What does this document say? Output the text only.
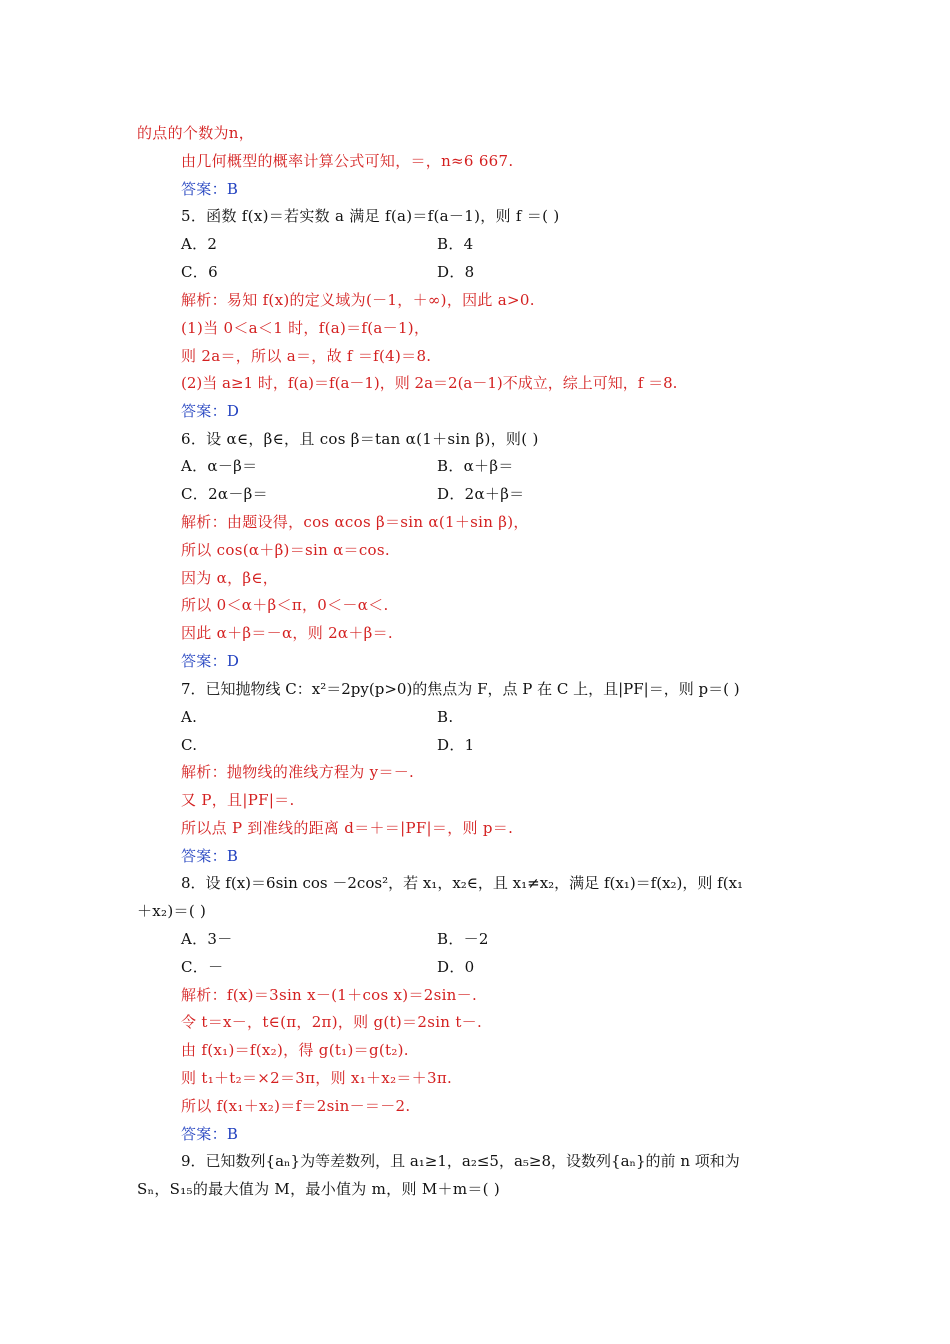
的点的个数为n，
由几何概型的概率计算公式可知，＝，n≈6 667.
答案：B
5．函数 f(x)＝若实数 a 满足 f(a)＝f(a－1)，则 f ＝( )
A．2	B．4
C．6	D．8
解析：易知 f(x)的定义域为(－1，＋∞)，因此 a>0.
(1)当 0＜a＜1 时，f(a)＝f(a－1)，
则 2a＝，所以 a＝，故 f ＝f(4)＝8.
(2)当 a≥1 时，f(a)＝f(a－1)，则 2a＝2(a－1)不成立，综上可知，f ＝8.
答案：D
6．设 α∈，β∈，且 cos β＝tan α(1＋sin β)，则( )
A．α－β＝	B．α＋β＝
C．2α－β＝	D．2α＋β＝
解析：由题设得，cos αcos β＝sin α(1＋sin β)，
所以 cos(α＋β)＝sin α＝cos.
因为 α，β∈，
所以 0＜α＋β＜π，0＜－α＜.
因此 α＋β＝－α，则 2α＋β＝.
答案：D
7．已知抛物线 C：x²＝2py(p>0)的焦点为 F，点 P 在 C 上，且|PF|＝，则 p＝( )
A.	B.
C.	D．1
解析：抛物线的准线方程为 y＝－.
又 P，且|PF|＝.
所以点 P 到准线的距离 d＝＋＝|PF|＝，则 p＝.
答案：B
8．设 f(x)＝6sin cos －2cos²，若 x₁，x₂∈，且 x₁≠x₂，满足 f(x₁)＝f(x₂)，则 f(x₁
＋x₂)＝( )
A．3－	B．－2
C．－	D．0
解析：f(x)＝3sin x－(1＋cos x)＝2sin－.
令 t＝x－，t∈(π，2π)，则 g(t)＝2sin t－.
由 f(x₁)＝f(x₂)，得 g(t₁)＝g(t₂).
则 t₁＋t₂＝×2＝3π，则 x₁＋x₂＝＋3π.
所以 f(x₁＋x₂)＝f＝2sin－＝－2.
答案：B
9．已知数列{aₙ}为等差数列，且 a₁≥1，a₂≤5，a₅≥8，设数列{aₙ}的前 n 项和为
Sₙ，S₁₅的最大值为 M，最小值为 m，则 M＋m＝( )
